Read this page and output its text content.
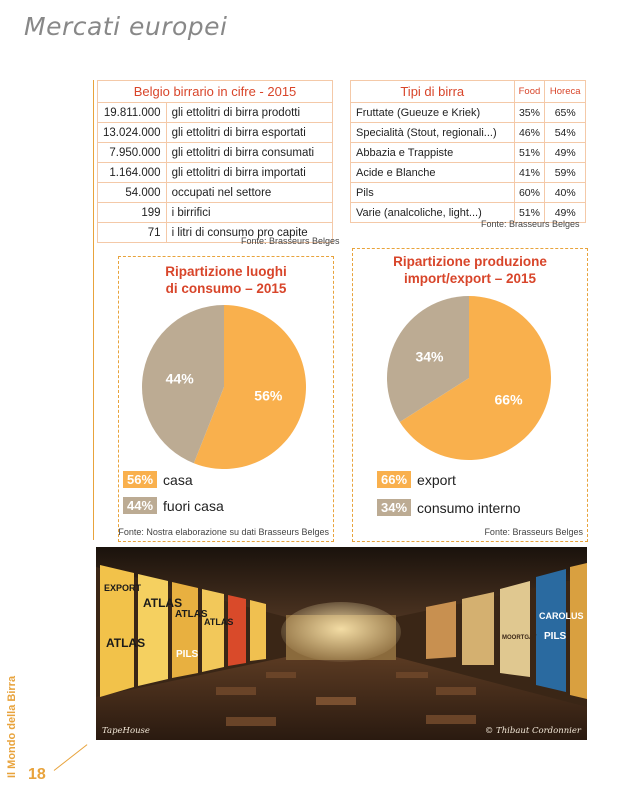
Mercati europei
Il Mondo della Birra 18
Belgio birrario in cifre - 2015	
19.811.000	gli ettolitri di birra prodotti
13.024.000	gli ettolitri di birra esportati
7.950.000	gli ettolitri di birra consumati
1.164.000	gli ettolitri di birra importati
54.000	occupati nel settore
199	i birrifici
71	i litri di consumo pro capite
Fonte: Brasseurs Belges
Tipi di birra	Food	Horeca
Fruttate (Gueuze e Kriek)	35%	65%
Specialità (Stout, regionali...)	46%	54%
Abbazia e Trappiste	51%	49%
Acide e Blanche	41%	59%
Pils	60%	40%
Varie (analcoliche, light...)	51%	49%
Fonte: Brasseurs Belges
Ripartizione luoghi
di consumo – 2015
56%
44%
56% casa
44% fuori casa
Fonte: Nostra elaborazione su dati Brasseurs Belges
Ripartizione produzione
import/export – 2015
66%
34%
66% export
34% consumo interno
Fonte: Brasseurs Belges
EXPORT
ATLAS
ATLAS
ATLAS
ATLAS
PILS
CAROLUS
PILS
MOORTGAT
TapeHouse	© Thibaut Cordonnier
